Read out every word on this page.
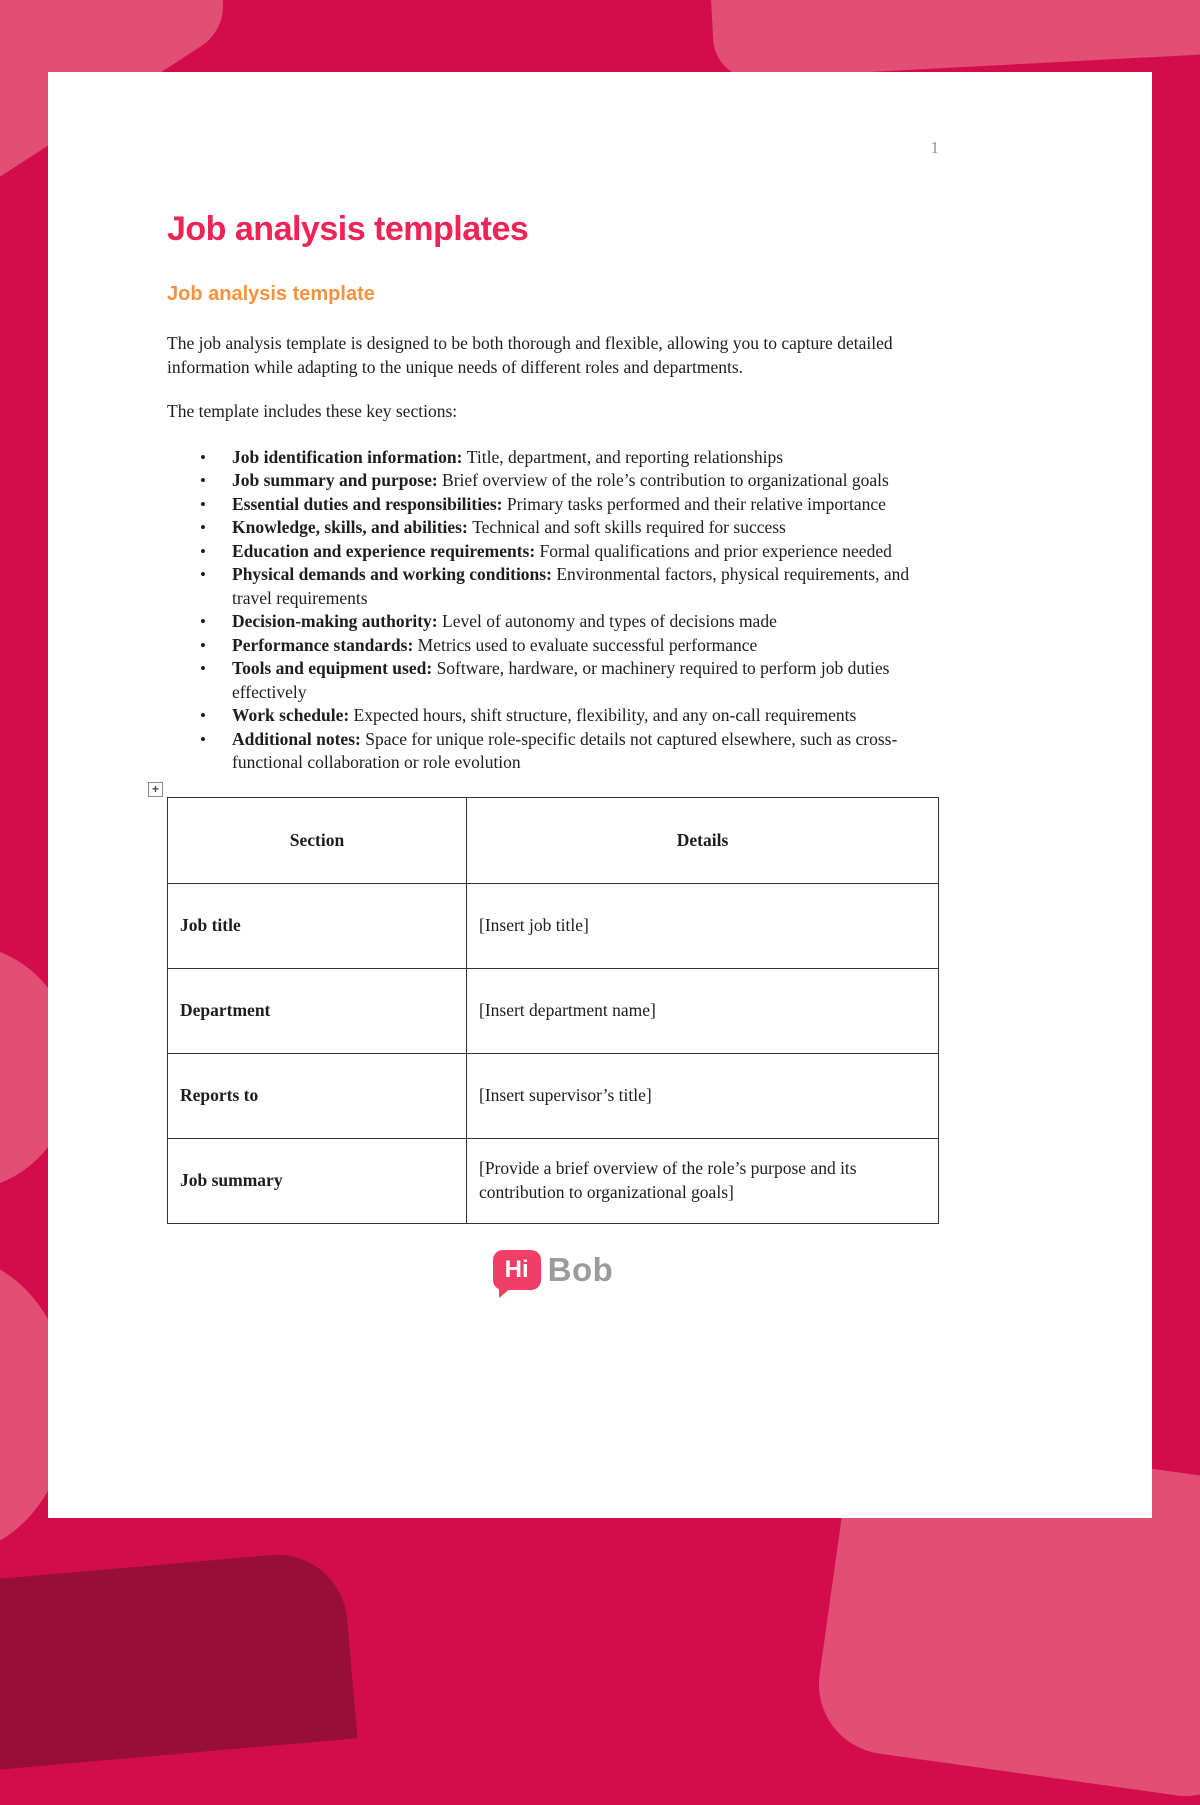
1
Job analysis templates
Job analysis template

The job analysis template is designed to be both thorough and flexible, allowing you to capture detailed information while adapting to the unique needs of different roles and departments.

The template includes these key sections:

• Job identification information: Title, department, and reporting relationships
• Job summary and purpose: Brief overview of the role’s contribution to organizational goals
• Essential duties and responsibilities: Primary tasks performed and their relative importance
• Knowledge, skills, and abilities: Technical and soft skills required for success
• Education and experience requirements: Formal qualifications and prior experience needed
• Physical demands and working conditions: Environmental factors, physical requirements, and travel requirements
• Decision-making authority: Level of autonomy and types of decisions made
• Performance standards: Metrics used to evaluate successful performance
• Tools and equipment used: Software, hardware, or machinery required to perform job duties effectively
• Work schedule: Expected hours, shift structure, flexibility, and any on-call requirements
• Additional notes: Space for unique role-specific details not captured elsewhere, such as cross-functional collaboration or role evolution
+
Section	Details
Job title	[Insert job title]
Department	[Insert department name]
Reports to	[Insert supervisor’s title]
Job summary	[Provide a brief overview of the role’s purpose and its contribution to organizational goals]
Hi Bob
